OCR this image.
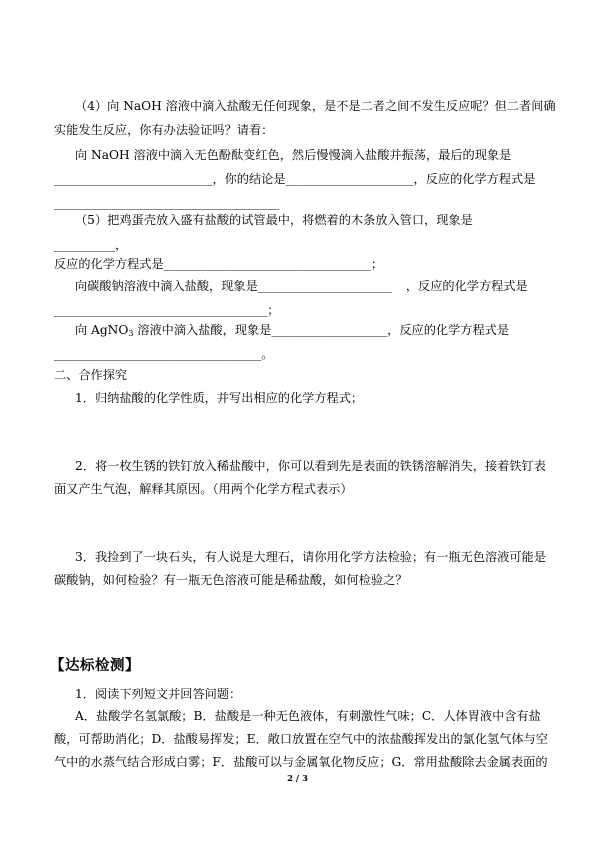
（4）向 NaOH 溶液中滴入盐酸无任何现象，是不是二者之间不发生反应呢？但二者间确
实能发生反应，你有办法验证吗？请看：
向 NaOH 溶液中滴入无色酚酞变红色，然后慢慢滴入盐酸并振荡，最后的现象是
__________________________，你的结论是_____________________，反应的化学方程式是
_____________________________________
（5）把鸡蛋壳放入盛有盐酸的试管最中，将燃着的木条放入管口，现象是
__________，
反应的化学方程式是__________________________________；
向碳酸钠溶液中滴入盐酸，现象是______________________ ，反应的化学方程式是
___________________________________；
向 AgNO$_3$ 溶液中滴入盐酸，现象是___________________，反应的化学方程式是
__________________________________。
二、合作探究
1．归纳盐酸的化学性质，并写出相应的化学方程式；
2．将一枚生锈的铁钉放入稀盐酸中，你可以看到先是表面的铁锈溶解消失，接着铁钉表
面又产生气泡，解释其原因。（用两个化学方程式表示）
3．我捡到了一块石头，有人说是大理石，请你用化学方法检验；有一瓶无色溶液可能是
碳酸钠，如何检验？有一瓶无色溶液可能是稀盐酸，如何检验之？
【达标检测】
1．阅读下列短文并回答问题：
A．盐酸学名氢氯酸；B．盐酸是一种无色液体，有刺激性气味；C．人体胃液中含有盐
酸，可帮助消化；D．盐酸易挥发；E．敞口放置在空气中的浓盐酸挥发出的氯化氢气体与空
气中的水蒸气结合形成白雾；F．盐酸可以与金属氧化物反应；G．常用盐酸除去金属表面的
2 / 3
